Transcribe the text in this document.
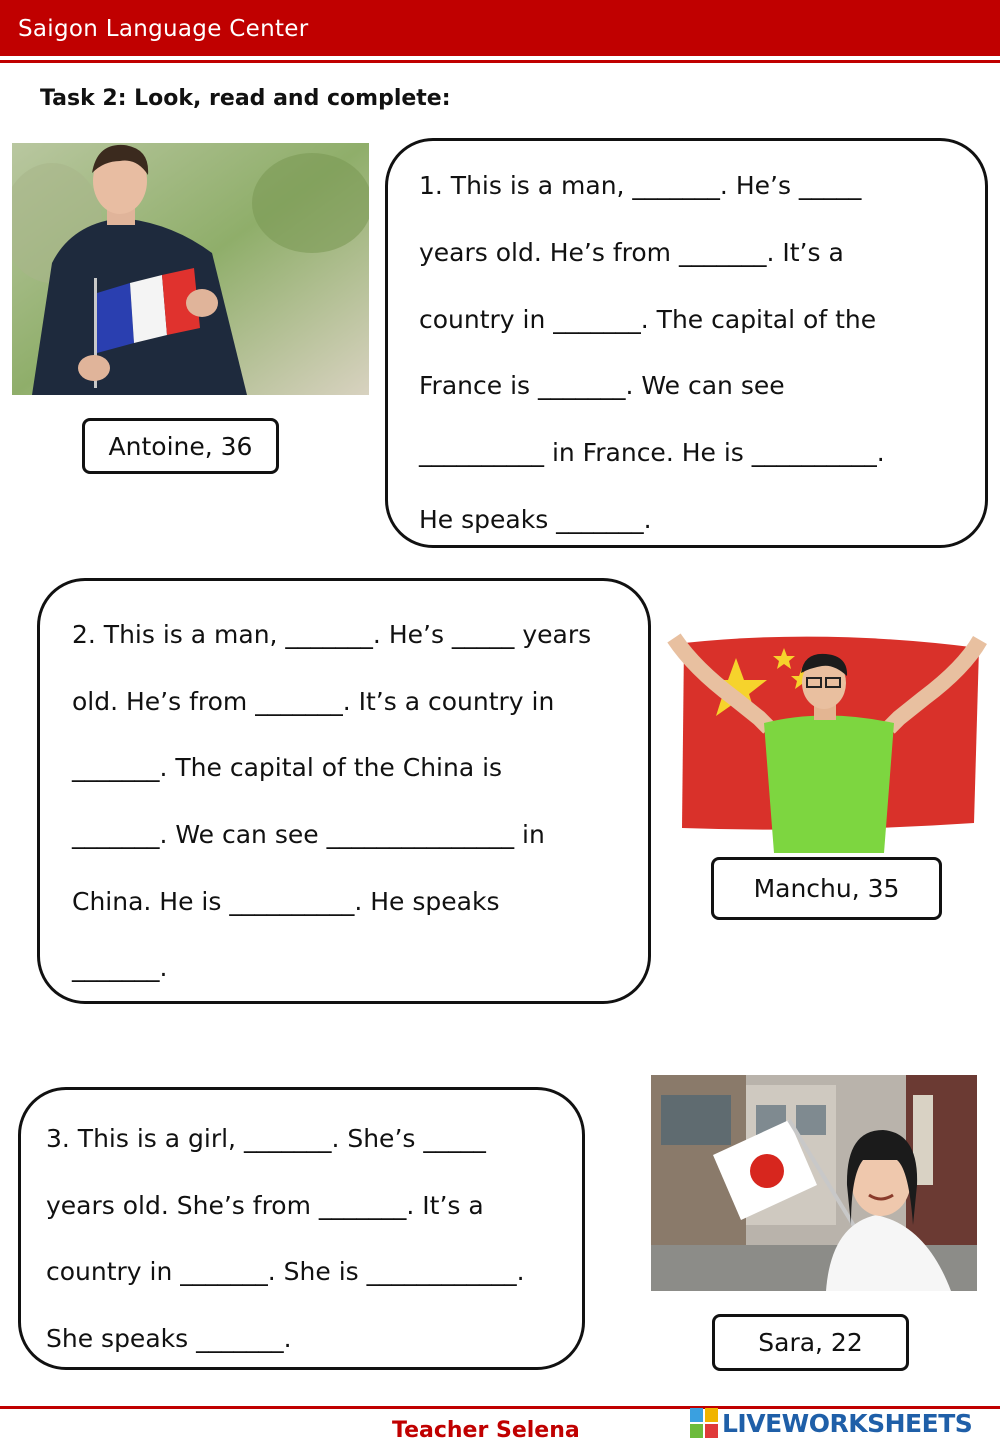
Saigon Language Center
Task 2: Look, read and complete:
Antoine, 36
1. This is a man, _______. He’s _____
years old. He’s from _______. It’s a
country in _______. The capital of the
France is _______. We can see
__________ in France. He is __________.
He speaks _______.
2. This is a man, _______. He’s _____ years
old. He’s from _______. It’s a country in
_______. The capital of the China is
_______. We can see _______________ in
China. He is __________. He speaks
_______.
Manchu, 35
3. This is a girl, _______. She’s _____
years old. She’s from _______. It’s a
country in _______. She is ____________.
She speaks _______.	Sara, 22
Teacher Selena	LIVEWORKSHEETS
